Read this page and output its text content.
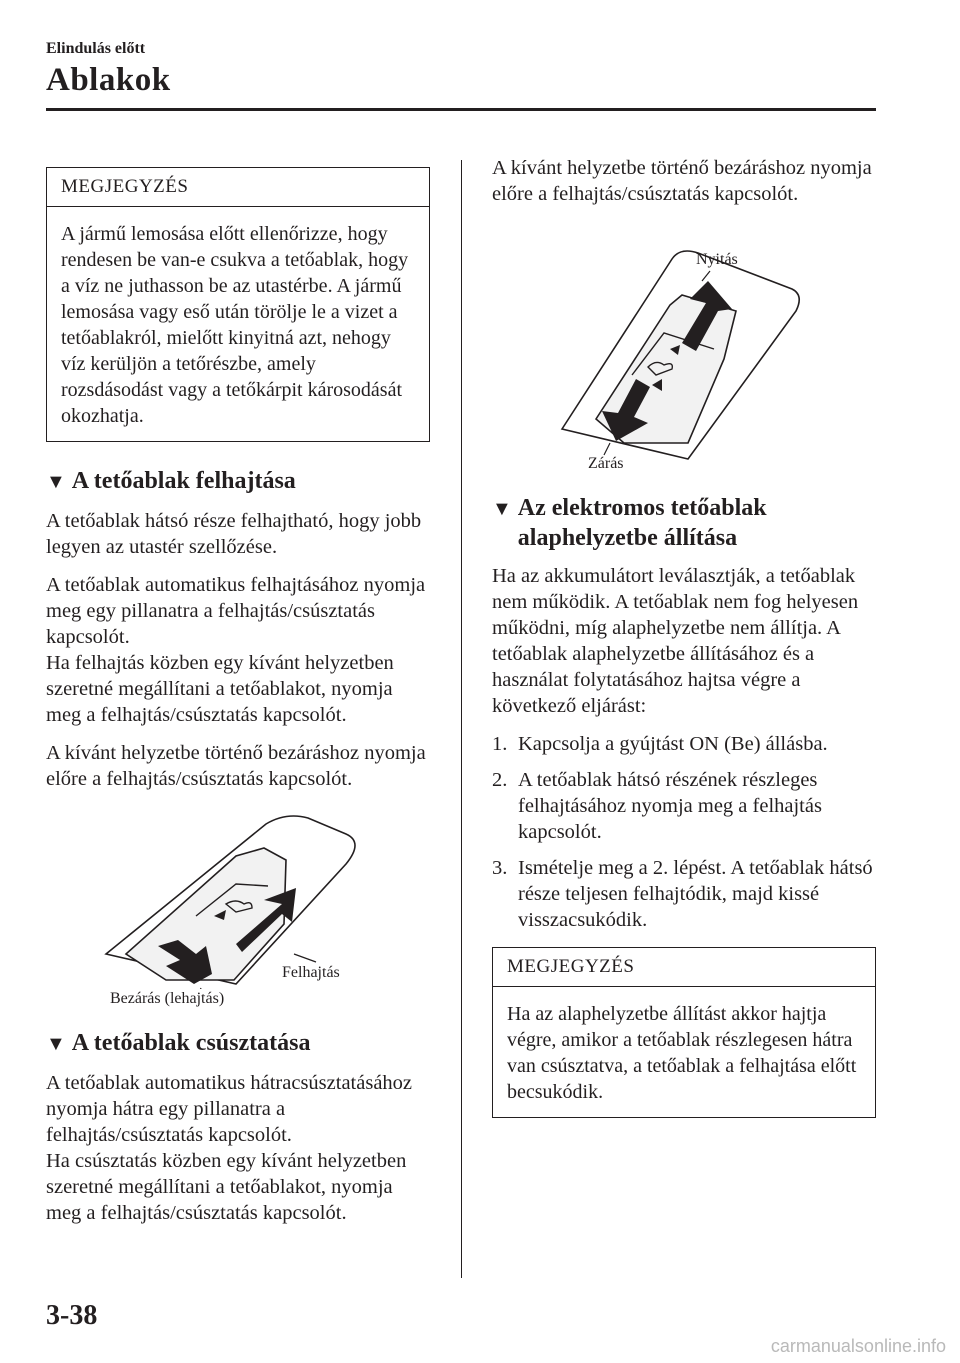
Elindulás előtt
Ablakok
MEGJEGYZÉS
A jármű lemosása előtt ellenőrizze, hogy rendesen be van-e csukva a tetőablak, hogy a víz ne juthasson be az utastérbe. A jármű lemosása vagy eső után törölje le a vizet a tetőablakról, mielőtt kinyitná azt, nehogy víz kerüljön a tetőrészbe, amely rozsdásodást vagy a tetőkárpit károsodását okozhatja.
▼ A tetőablak felhajtása

A tetőablak hátsó része felhajtható, hogy jobb legyen az utastér szellőzése.

A tetőablak automatikus felhajtásához nyomja meg egy pillanatra a felhajtás/csúsztatás kapcsolót.

Ha felhajtás közben egy kívánt helyzetben szeretné megállítani a tetőablakot, nyomja meg a felhajtás/csúsztatás kapcsolót.

A kívánt helyzetbe történő bezáráshoz nyomja előre a felhajtás/csúsztatás kapcsolót.

Felhajtás
Bezárás (lehajtás)
▼ A tetőablak csúsztatása

A tetőablak automatikus hátracsúsztatásához nyomja hátra egy pillanatra a felhajtás/csúsztatás kapcsolót.

Ha csúsztatás közben egy kívánt helyzetben szeretné megállítani a tetőablakot, nyomja meg a felhajtás/csúsztatás kapcsolót.

A kívánt helyzetbe történő bezáráshoz nyomja előre a felhajtás/csúsztatás kapcsolót.

Nyitás
Zárás
▼ Az elektromos tetőablak alaphelyzetbe állítása

Ha az akkumulátort leválasztják, a tetőablak nem működik. A tetőablak nem fog helyesen működni, míg alaphelyzetbe nem állítja. A tetőablak alaphelyzetbe állításához és a használat folytatásához hajtsa végre a következő eljárást:

1. Kapcsolja a gyújtást ON (Be) állásba.
2. A tetőablak hátsó részének részleges felhajtásához nyomja meg a felhajtás kapcsolót.
3. Ismételje meg a 2. lépést. A tetőablak hátsó része teljesen felhajtódik, majd kissé visszacsukódik.
MEGJEGYZÉS
Ha az alaphelyzetbe állítást akkor hajtja végre, amikor a tetőablak részlegesen hátra van csúsztatva, a tetőablak a felhajtása előtt becsukódik.
3-38
carmanualsonline.info
